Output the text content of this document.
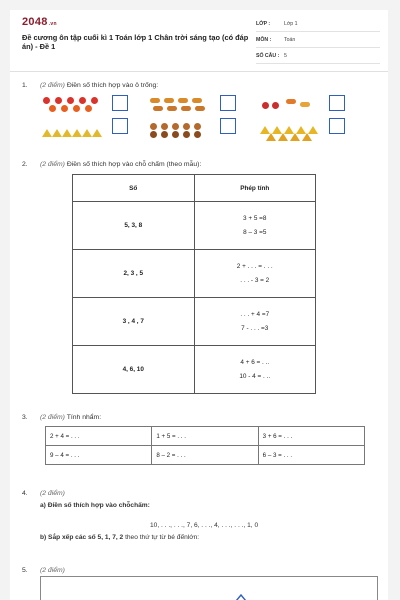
2048.vn
Đề cương ôn tập cuối kì 1 Toán lớp 1 Chân trời sáng tạo (có đáp án) - Đề 1
LỚP :	Lớp 1
MÔN :	Toán
SỐ CÂU : 5
1. (2 điểm) Điền số thích hợp vào ô trống:
2. (2 điểm) Điền số thích hợp vào chỗ chấm (theo mẫu):
Số	Phép tính
5, 3, 8	3 + 5 =8
8 – 3 =5

2, 3 , 5	2 + . . . = . . .
. . . - 3 = 2

3 , 4 , 7	. . . + 4 =7
7 - . . . =3

4, 6, 10	4 + 6 = . ..
10 - 4 = . ..
3. (2 điểm) Tính nhẩm:
2 + 4 = . . .	1 + 5 = . . .	3 + 6 = . . .
9 – 4 = . . .	8 – 2 = . . .	6 – 3 = . . .
4. (2 điểm)
a) Điền số thích hợp vào chỗchấm:
10, . . ., . . ., 7, 6, . . ., 4, . . ., . . ., 1, 0
b) Sắp xếp các số 5, 1, 7, 2 theo thứ tự từ bé đếnlớn:
5. (2 điểm)
